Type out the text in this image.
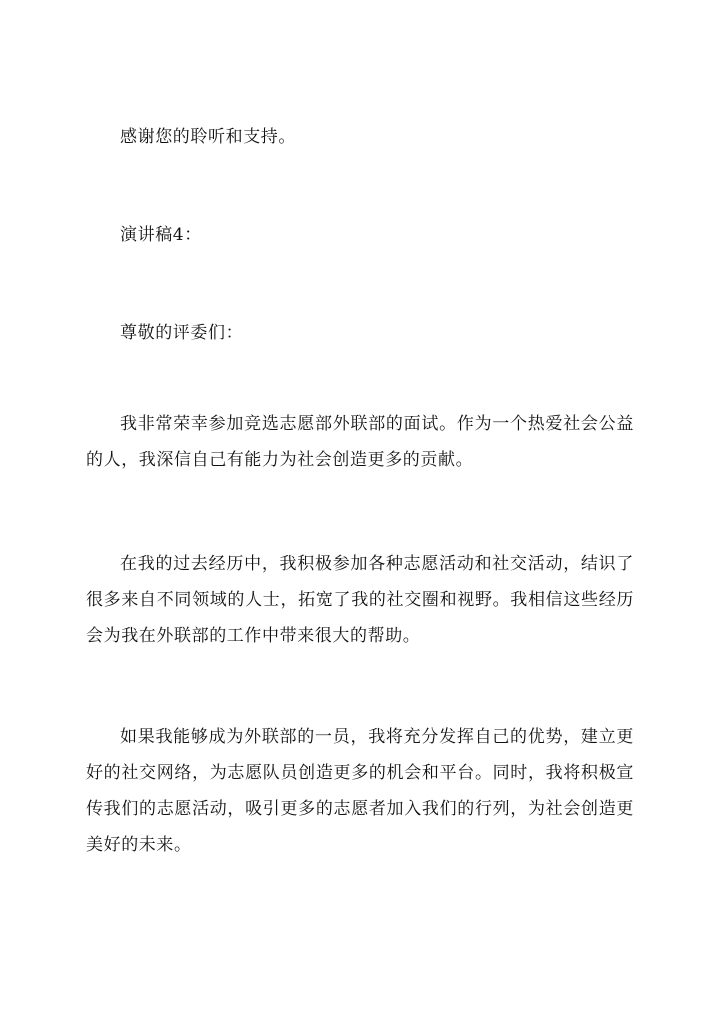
感谢您的聆听和支持。

演讲稿4：

尊敬的评委们：

我非常荣幸参加竞选志愿部外联部的面试。作为一个热爱社会公益的人，我深信自己有能力为社会创造更多的贡献。

在我的过去经历中，我积极参加各种志愿活动和社交活动，结识了很多来自不同领域的人士，拓宽了我的社交圈和视野。我相信这些经历会为我在外联部的工作中带来很大的帮助。

如果我能够成为外联部的一员，我将充分发挥自己的优势，建立更好的社交网络，为志愿队员创造更多的机会和平台。同时，我将积极宣传我们的志愿活动，吸引更多的志愿者加入我们的行列，为社会创造更美好的未来。
